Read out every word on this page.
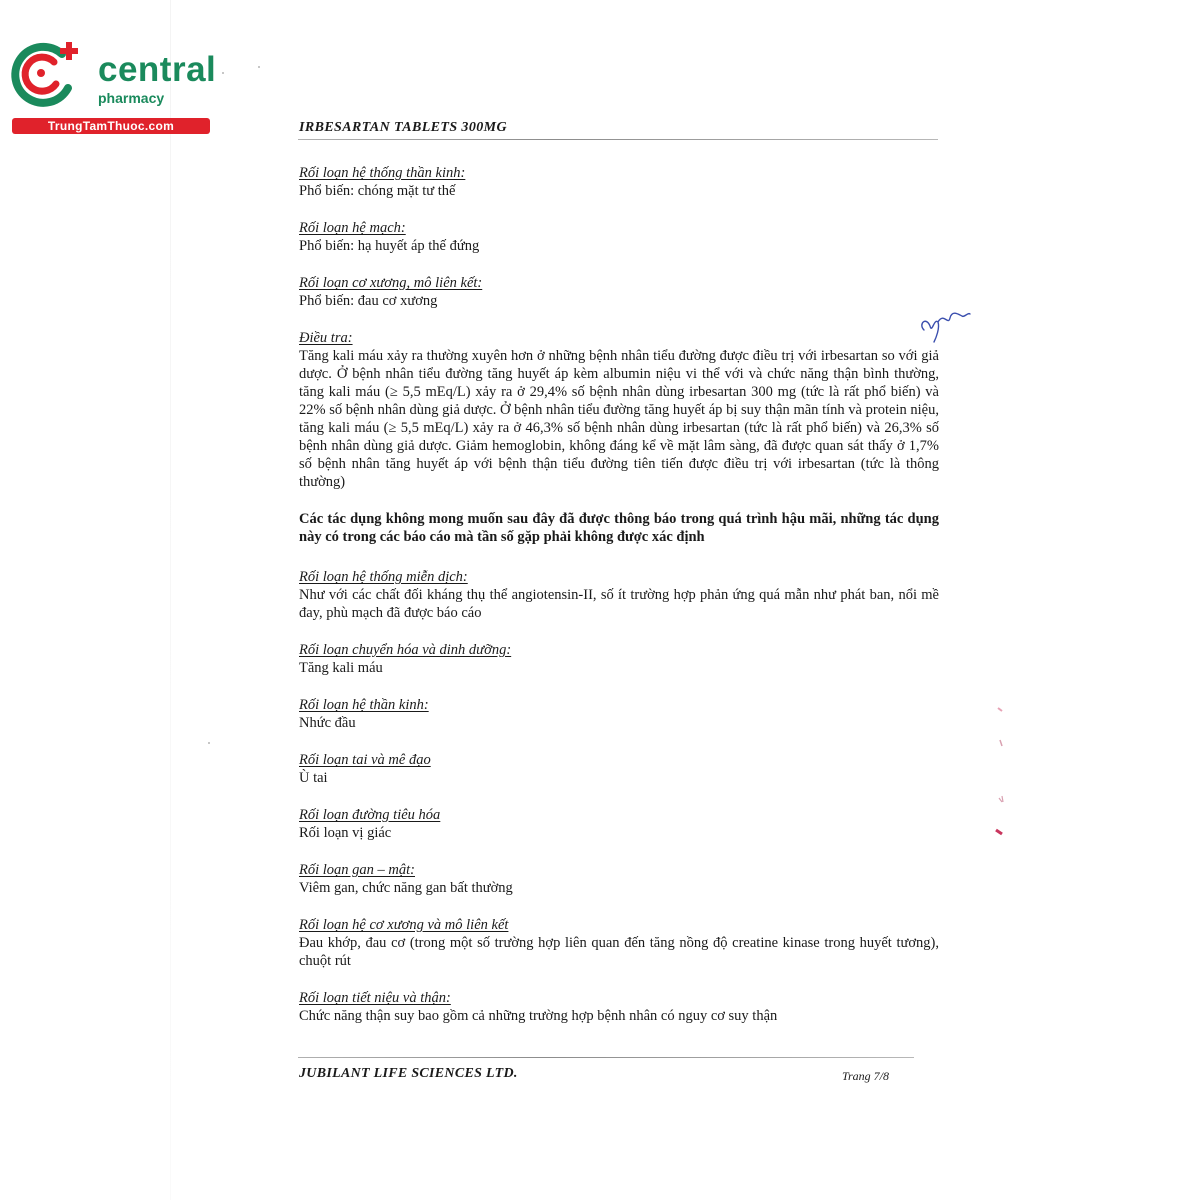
central
pharmacy
TrungTamThuoc.com	IRBESARTAN TABLETS 300MG
Rối loạn hệ thống thần kinh:
Phổ biến: chóng mặt tư thế
Rối loạn hệ mạch:
Phổ biến: hạ huyết áp thế đứng
Rối loạn cơ xương, mô liên kết:
Phổ biến: đau cơ xương
Điều tra:
Tăng kali máu xảy ra thường xuyên hơn ở những bệnh nhân tiểu đường được điều trị với irbesartan so với giả dược. Ở bệnh nhân tiểu đường tăng huyết áp kèm albumin niệu vi thể với và chức năng thận bình thường, tăng kali máu (≥ 5,5 mEq/L) xảy ra ở 29,4% số bệnh nhân dùng irbesartan 300 mg (tức là rất phổ biến) và 22% số bệnh nhân dùng giả dược. Ở bệnh nhân tiểu đường tăng huyết áp bị suy thận mãn tính và protein niệu, tăng kali máu (≥ 5,5 mEq/L) xảy ra ở 46,3% số bệnh nhân dùng irbesartan (tức là rất phổ biến) và 26,3% số bệnh nhân dùng giả dược. Giảm hemoglobin, không đáng kể về mặt lâm sàng, đã được quan sát thấy ở 1,7% số bệnh nhân tăng huyết áp với bệnh thận tiểu đường tiên tiến được điều trị với irbesartan (tức là thông thường)
Các tác dụng không mong muốn sau đây đã được thông báo trong quá trình hậu mãi, những tác dụng này có trong các báo cáo mà tần số gặp phải không được xác định
Rối loạn hệ thống miễn dịch:
Như với các chất đối kháng thụ thể angiotensin-II, số ít trường hợp phản ứng quá mẫn như phát ban, nổi mề đay, phù mạch đã được báo cáo
Rối loạn chuyển hóa và dinh dưỡng:
Tăng kali máu
Rối loạn hệ thần kinh:
Nhức đầu
Rối loạn tai và mê đạo
Ù tai
Rối loạn đường tiêu hóa
Rối loạn vị giác
Rối loạn gan – mật:
Viêm gan, chức năng gan bất thường
Rối loạn hệ cơ xương và mô liên kết
Đau khớp, đau cơ (trong một số trường hợp liên quan đến tăng nồng độ creatine kinase trong huyết tương), chuột rút
Rối loạn tiết niệu và thận:
Chức năng thận suy bao gồm cả những trường hợp bệnh nhân có nguy cơ suy thận
JUBILANT LIFE SCIENCES LTD.	Trang 7/8
